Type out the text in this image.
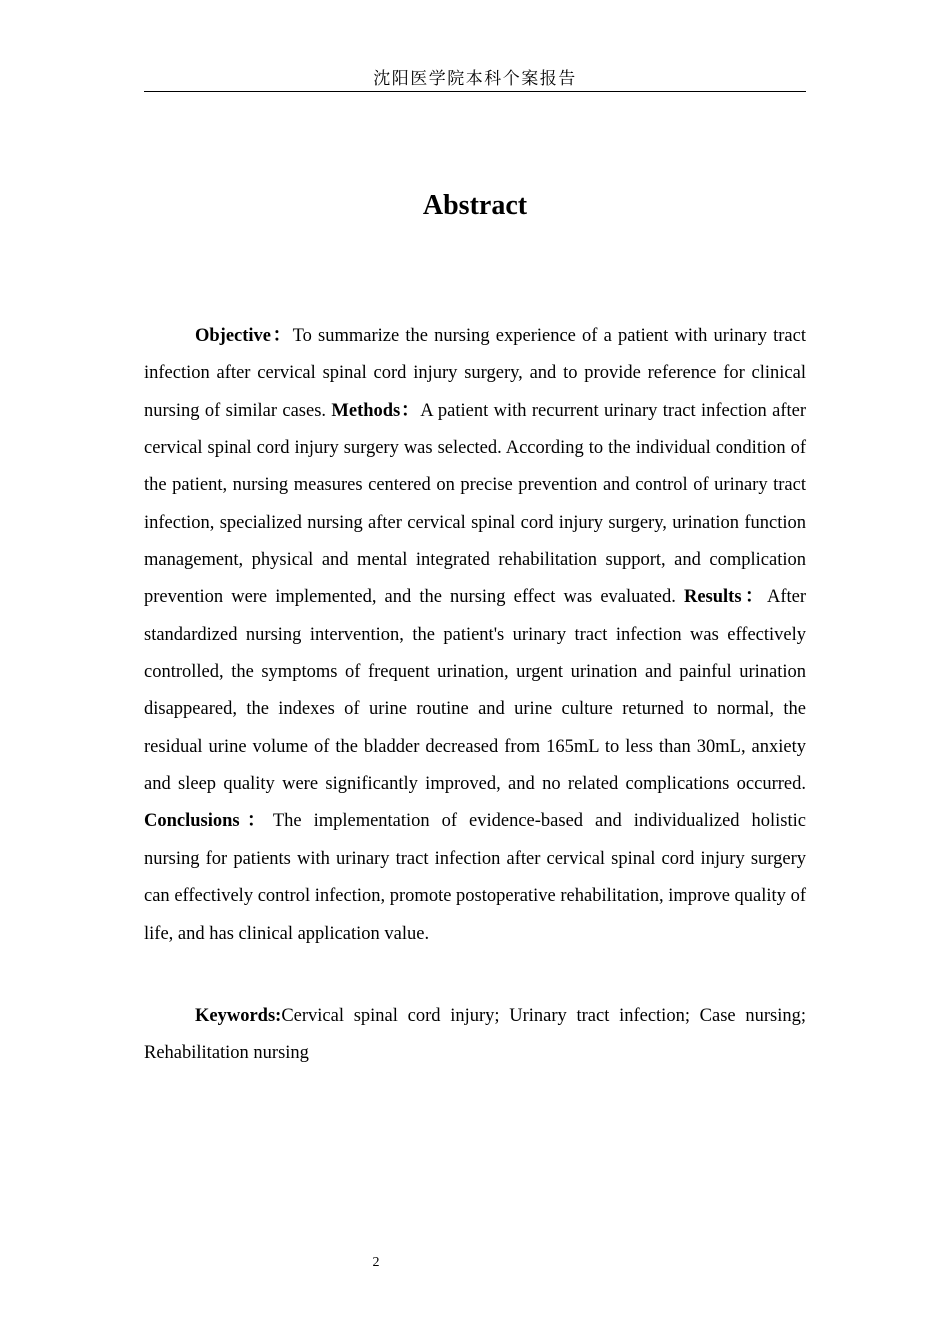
沈阳医学院本科个案报告
Abstract

Objective：To summarize the nursing experience of a patient with urinary tract infection after cervical spinal cord injury surgery, and to provide reference for clinical nursing of similar cases. Methods：A patient with recurrent urinary tract infection after cervical spinal cord injury surgery was selected. According to the individual condition of the patient, nursing measures centered on precise prevention and control of urinary tract infection, specialized nursing after cervical spinal cord injury surgery, urination function management, physical and mental integrated rehabilitation support, and complication prevention were implemented, and the nursing effect was evaluated. Results：After standardized nursing intervention, the patient's urinary tract infection was effectively controlled, the symptoms of frequent urination, urgent urination and painful urination disappeared, the indexes of urine routine and urine culture returned to normal, the residual urine volume of the bladder decreased from 165mL to less than 30mL, anxiety and sleep quality were significantly improved, and no related complications occurred. Conclusions：The implementation of evidence-based and individualized holistic nursing for patients with urinary tract infection after cervical spinal cord injury surgery can effectively control infection, promote postoperative rehabilitation, improve quality of life, and has clinical application value.

Keywords:Cervical spinal cord injury; Urinary tract infection; Case nursing; Rehabilitation nursing

2
